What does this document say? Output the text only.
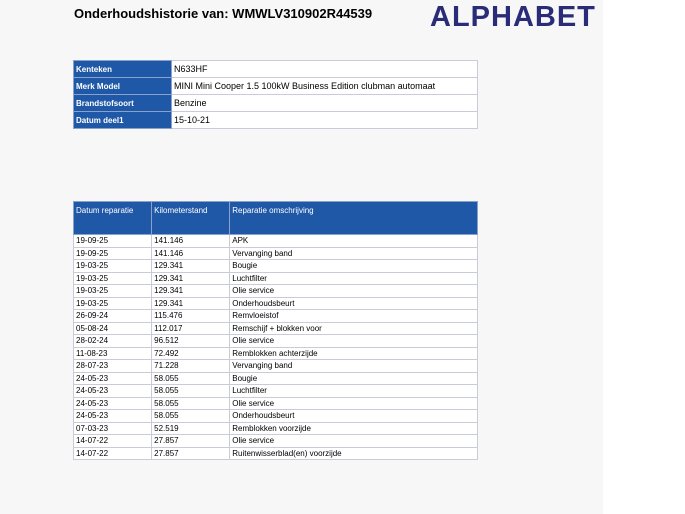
Onderhoudshistorie van: WMWLV310902R44539 ALPHABET
Kenteken	N633HF
Merk Model	MINI Mini Cooper 1.5 100kW Business Edition clubman automaat
Brandstofsoort	Benzine
Datum deel1	15-10-21
Datum reparatie	Kilometerstand	Reparatie omschrijving
19-09-25	141.146	APK
19-09-25	141.146	Vervanging band
19-03-25	129.341	Bougie
19-03-25	129.341	Luchtfilter
19-03-25	129.341	Olie service
19-03-25	129.341	Onderhoudsbeurt
26-09-24	115.476	Remvloeistof
05-08-24	112.017	Remschijf + blokken voor
28-02-24	96.512	Olie service
11-08-23	72.492	Remblokken achterzijde
28-07-23	71.228	Vervanging band
24-05-23	58.055	Bougie
24-05-23	58.055	Luchtfilter
24-05-23	58.055	Olie service
24-05-23	58.055	Onderhoudsbeurt
07-03-23	52.519	Remblokken voorzijde
14-07-22	27.857	Olie service
14-07-22	27.857	Ruitenwisserblad(en) voorzijde
